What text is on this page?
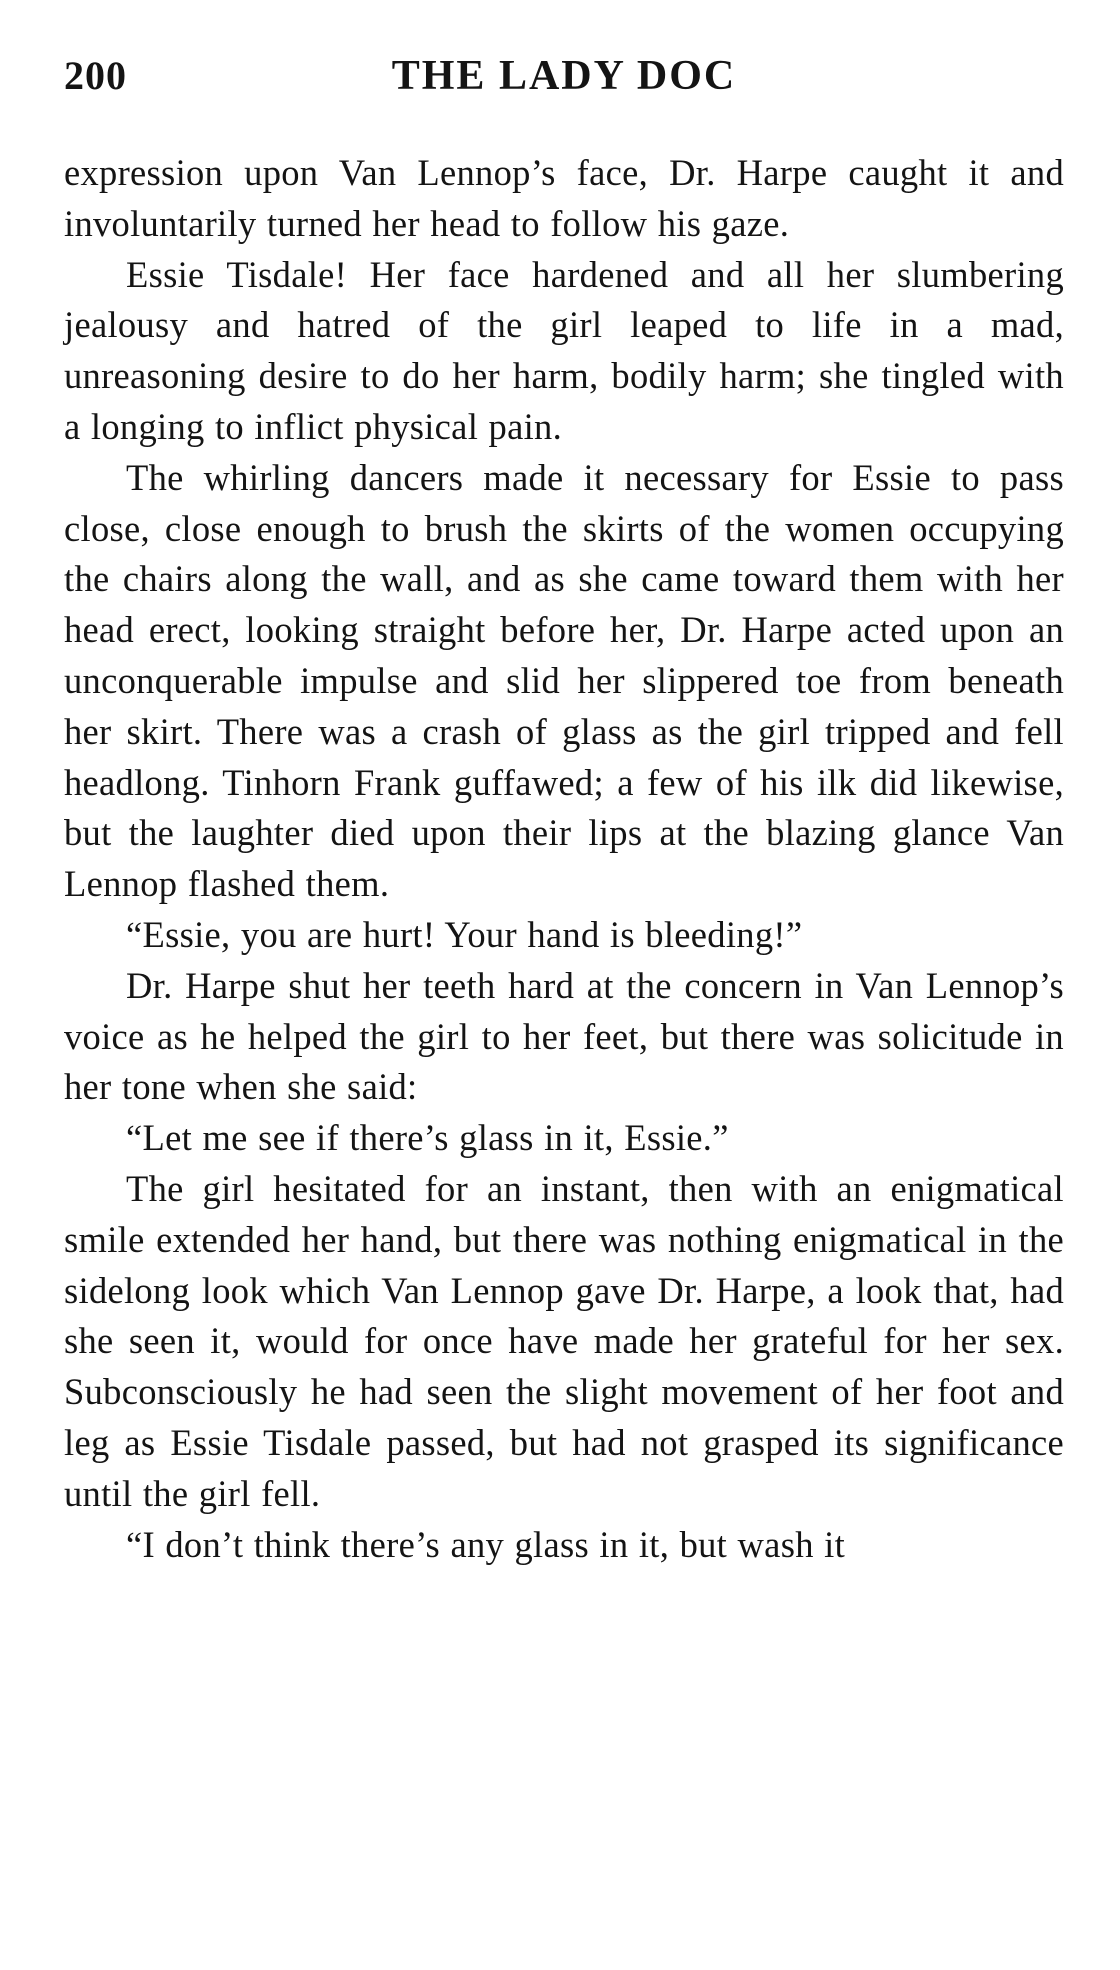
200	THE LADY DOC

expression upon Van Lennop’s face, Dr. Harpe caught it and involuntarily turned her head to follow his gaze.

Essie Tisdale! Her face hardened and all her slumbering jealousy and hatred of the girl leaped to life in a mad, unreasoning desire to do her harm, bodily harm; she tingled with a longing to inflict physical pain.

The whirling dancers made it necessary for Essie to pass close, close enough to brush the skirts of the women occupying the chairs along the wall, and as she came toward them with her head erect, looking straight before her, Dr. Harpe acted upon an unconquerable impulse and slid her slippered toe from beneath her skirt. There was a crash of glass as the girl tripped and fell headlong. Tinhorn Frank guffawed; a few of his ilk did likewise, but the laughter died upon their lips at the blazing glance Van Lennop flashed them.

“Essie, you are hurt! Your hand is bleeding!”

Dr. Harpe shut her teeth hard at the concern in Van Lennop’s voice as he helped the girl to her feet, but there was solicitude in her tone when she said:

“Let me see if there’s glass in it, Essie.”

The girl hesitated for an instant, then with an enigmatical smile extended her hand, but there was nothing enigmatical in the sidelong look which Van Lennop gave Dr. Harpe, a look that, had she seen it, would for once have made her grateful for her sex. Subconsciously he had seen the slight movement of her foot and leg as Essie Tisdale passed, but had not grasped its significance until the girl fell.

“I don’t think there’s any glass in it, but wash it
